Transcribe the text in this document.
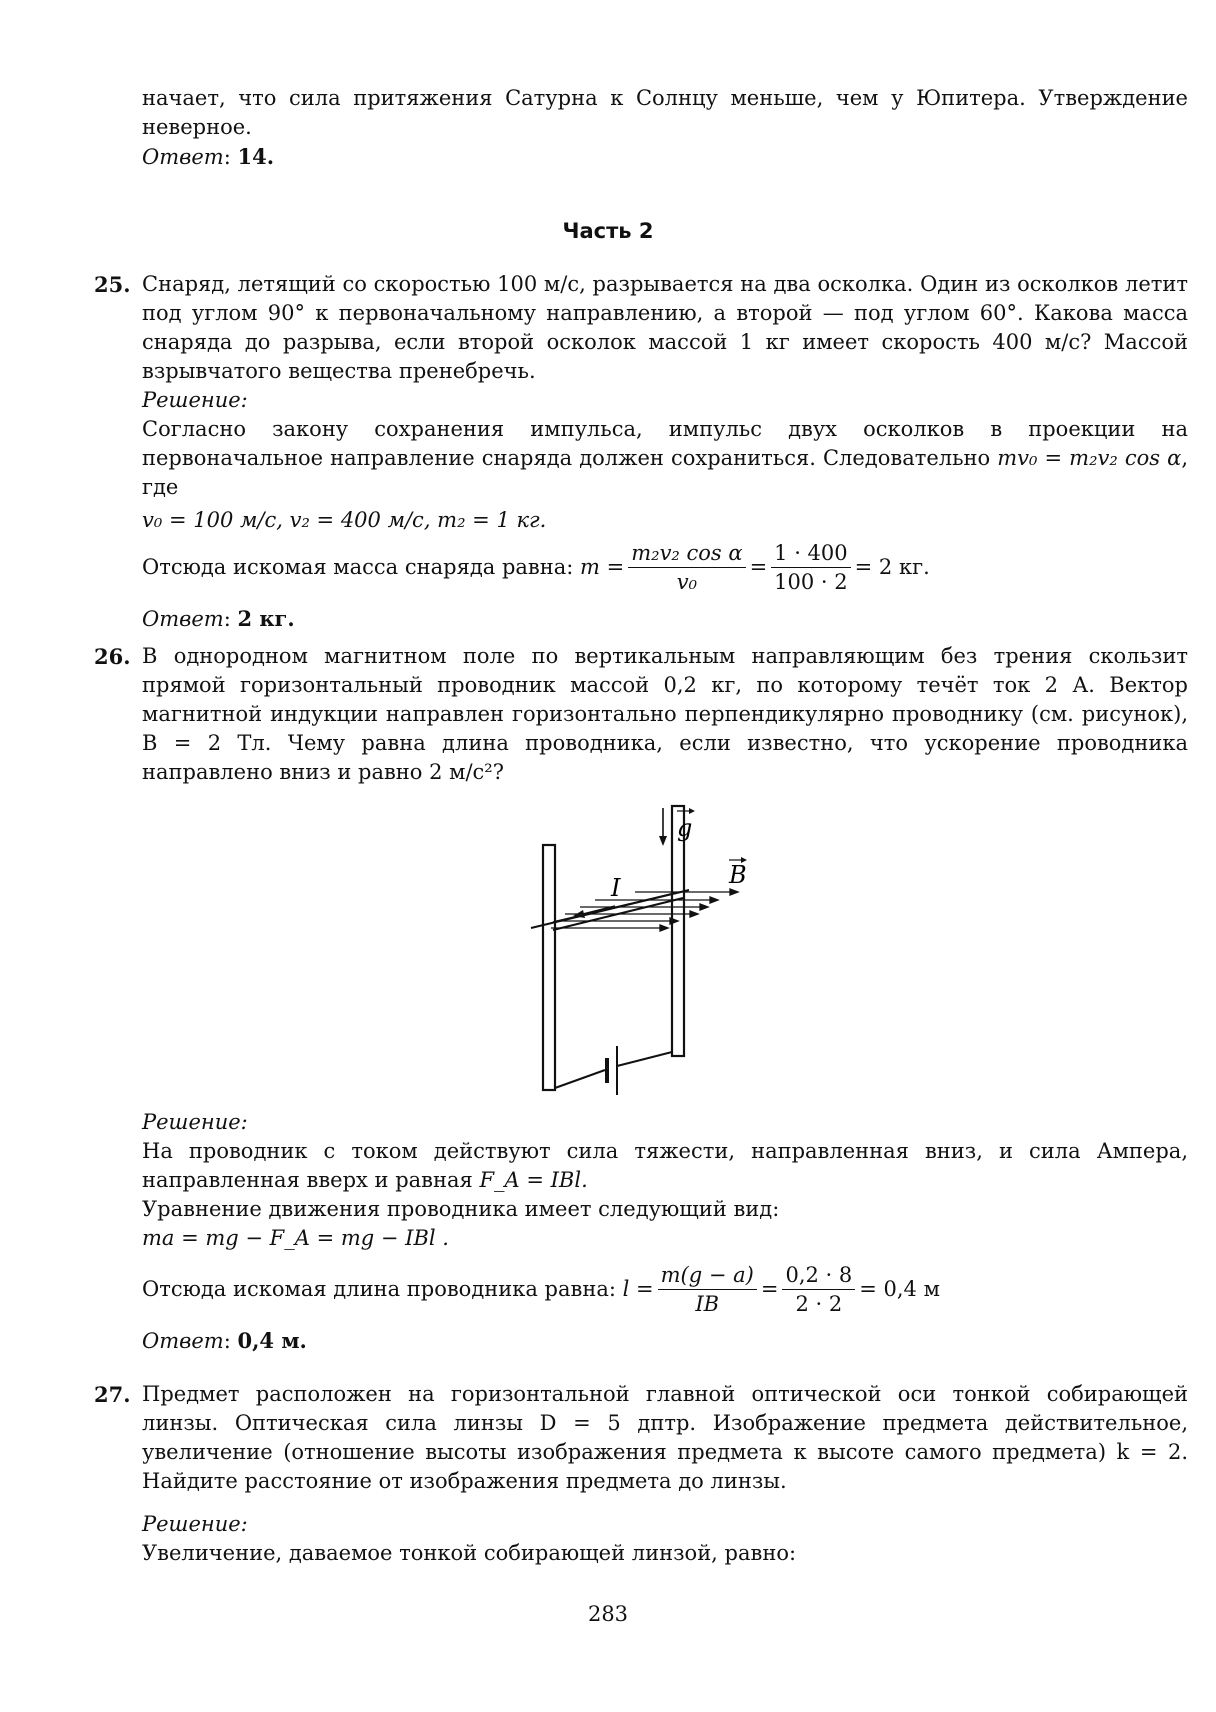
начает, что сила притяжения Сатурна к Солнцу меньше, чем у Юпитера. Утверждение

неверное.

Ответ: 14.

Часть 2
25. Снаряд, летящий со скоростью 100 м/с, разрывается на два осколка. Один из осколков летит под углом 90° к первоначальному направлению, а второй — под углом 60°. Какова масса снаряда до разрыва, если второй осколок массой 1 кг имеет скорость 400 м/с? Массой взрывчатого вещества пренебречь.

Решение:

Согласно закону сохранения импульса, импульс двух осколков в проекции на первоначальное направление снаряда должен сохраниться. Следовательно mv₀ = m₂v₂ cos α, где

v₀ = 100 м/с, v₂ = 400 м/с, m₂ = 1 кг.

Отсюда искомая масса снаряда равна:
$m = \frac{\text{m₂v₂ cos α}}{\text{v₀}} = \frac{1 \cdot 400}{100 \cdot 2} = 2$ кг.

Ответ: 2 кг.

26. В однородном магнитном поле по вертикальным направляющим без трения скользит прямой горизонтальный проводник массой 0,2 кг, по которому течёт ток 2 А. Вектор магнитной индукции направлен горизонтально перпендикулярно проводнику (см. рисунок), B = 2 Тл. Чему равна длина проводника, если известно, что ускорение проводника направлено вниз и равно 2 м/с²?

g
B
I

Решение:

На проводник с током действуют сила тяжести, направленная вниз, и сила Ампера, направленная вверх и равная F_A = IBl.

Уравнение движения проводника имеет следующий вид:

ma = mg − F_A = mg − IBl .

Отсюда искомая длина проводника равна:
$l = \frac{m(g - a)}{IB} = \frac{0,2 \cdot 8}{2 \cdot 2} = 0,4$ м

Ответ: 0,4 м.

27. Предмет расположен на горизонтальной главной оптической оси тонкой собирающей линзы. Оптическая сила линзы D = 5 дптр. Изображение предмета действительное, увеличение (отношение высоты изображения предмета к высоте самого предмета) k = 2. Найдите расстояние от изображения предмета до линзы.

Решение:

Увеличение, даваемое тонкой собирающей линзой, равно:

283
